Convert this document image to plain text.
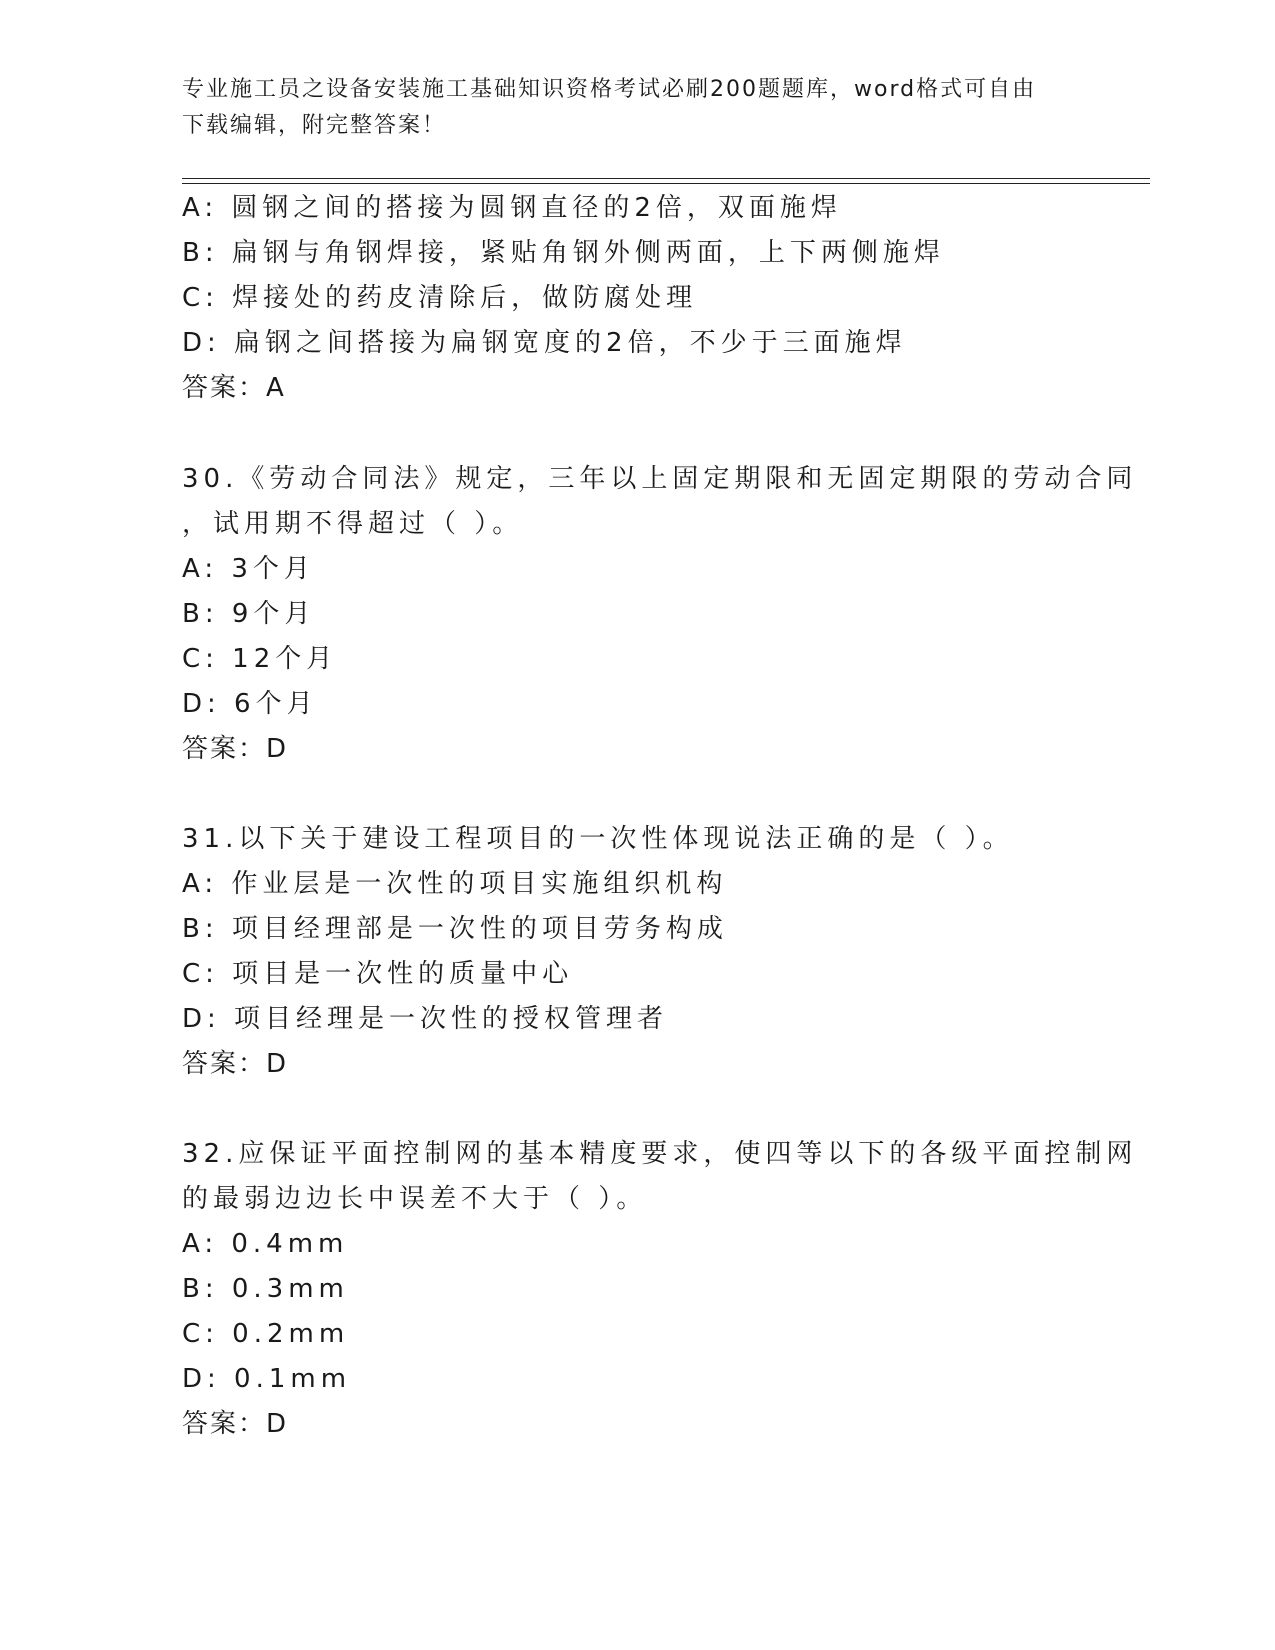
专业施工员之设备安装施工基础知识资格考试必刷200题题库，word格式可自由
下载编辑，附完整答案！
A: 圆钢之间的搭接为圆钢直径的2倍，双面施焊
B: 扁钢与角钢焊接，紧贴角钢外侧两面，上下两侧施焊
C: 焊接处的药皮清除后，做防腐处理
D: 扁钢之间搭接为扁钢宽度的2倍，不少于三面施焊
答案：A
30.《劳动合同法》规定，三年以上固定期限和无固定期限的劳动合同
，试用期不得超过（ ）。
A: 3个月
B: 9个月
C: 12个月
D: 6个月
答案：D
31.以下关于建设工程项目的一次性体现说法正确的是（ ）。
A: 作业层是一次性的项目实施组织机构
B: 项目经理部是一次性的项目劳务构成
C: 项目是一次性的质量中心
D: 项目经理是一次性的授权管理者
答案：D
32.应保证平面控制网的基本精度要求，使四等以下的各级平面控制网
的最弱边边长中误差不大于（ ）。
A: 0.4mm
B: 0.3mm
C: 0.2mm
D: 0.1mm
答案：D
